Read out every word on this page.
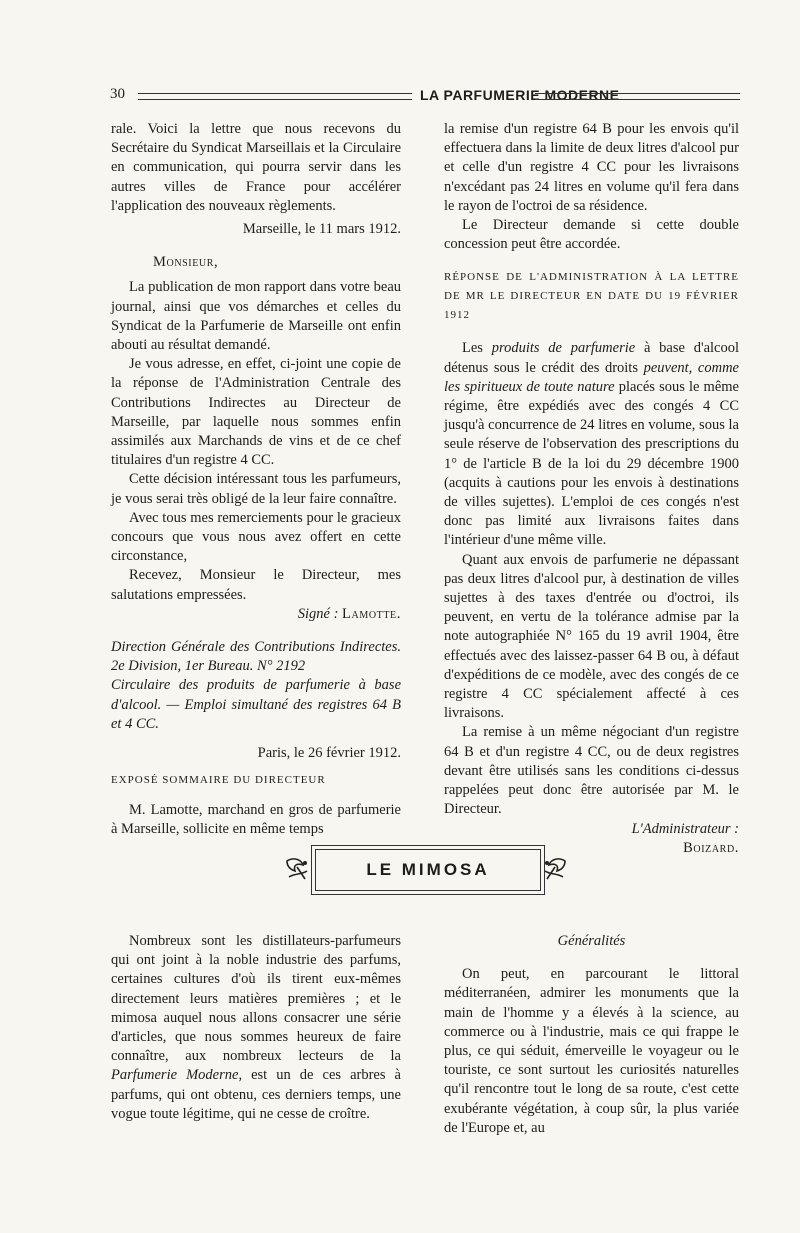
30	LA PARFUMERIE MODERNE

rale. Voici la lettre que nous recevons du Secrétaire du Syndicat Marseillais et la Circulaire en communication, qui pourra servir dans les autres villes de France pour accélérer l'application des nouveaux règlements.

Marseille, le 11 mars 1912.

Monsieur,

La publication de mon rapport dans votre beau journal, ainsi que vos démarches et celles du Syndicat de la Parfumerie de Marseille ont enfin abouti au résultat demandé.

Je vous adresse, en effet, ci-joint une copie de la réponse de l'Administration Centrale des Contributions Indirectes au Directeur de Marseille, par laquelle nous sommes enfin assimilés aux Marchands de vins et de ce chef titulaires d'un registre 4 CC.

Cette décision intéressant tous les parfumeurs, je vous serai très obligé de la leur faire connaître.

Avec tous mes remerciements pour le gracieux concours que vous nous avez offert en cette circonstance,

Recevez, Monsieur le Directeur, mes salutations empressées.

Signé : Lamotte.

Direction Générale des Contributions Indirectes. 2e Division, 1er Bureau. N° 2192

Circulaire des produits de parfumerie à base d'alcool. — Emploi simultané des registres 64 B et 4 CC.

Paris, le 26 février 1912.

EXPOSÉ SOMMAIRE DU DIRECTEUR

M. Lamotte, marchand en gros de parfumerie à Marseille, sollicite en même temps

la remise d'un registre 64 B pour les envois qu'il effectuera dans la limite de deux litres d'alcool pur et celle d'un registre 4 CC pour les livraisons n'excédant pas 24 litres en volume qu'il fera dans le rayon de l'octroi de sa résidence.

Le Directeur demande si cette double concession peut être accordée.

RÉPONSE DE L'ADMINISTRATION À LA LETTRE DE MR LE DIRECTEUR EN DATE DU 19 FÉVRIER 1912

Les produits de parfumerie à base d'alcool détenus sous le crédit des droits peuvent, comme les spiritueux de toute nature placés sous le même régime, être expédiés avec des congés 4 CC jusqu'à concurrence de 24 litres en volume, sous la seule réserve de l'observation des prescriptions du 1° de l'article B de la loi du 29 décembre 1900 (acquits à cautions pour les envois à destinations de villes sujettes). L'emploi de ces congés n'est donc pas limité aux livraisons faites dans l'intérieur d'une même ville.

Quant aux envois de parfumerie ne dépassant pas deux litres d'alcool pur, à destination de villes sujettes à des taxes d'entrée ou d'octroi, ils peuvent, en vertu de la tolérance admise par la note autographiée N° 165 du 19 avril 1904, être effectués avec des laissez-passer 64 B ou, à défaut d'expéditions de ce modèle, avec des congés de ce registre 4 CC spécialement affecté à ces livraisons.

La remise à un même négociant d'un registre 64 B et d'un registre 4 CC, ou de deux registres devant être utilisés sans les conditions ci-dessus rappelées peut donc être autorisée par M. le Directeur.

L'Administrateur :

Boizard.

LE MIMOSA

Nombreux sont les distillateurs-parfumeurs qui ont joint à la noble industrie des parfums, certaines cultures d'où ils tirent eux-mêmes directement leurs matières premières ; et le mimosa auquel nous allons consacrer une série d'articles, que nous sommes heureux de faire connaître, aux nombreux lecteurs de la Parfumerie Moderne, est un de ces arbres à parfums, qui ont obtenu, ces derniers temps, une vogue toute légitime, qui ne cesse de croître.

Généralités

On peut, en parcourant le littoral méditerranéen, admirer les monuments que la main de l'homme y a élevés à la science, au commerce ou à l'industrie, mais ce qui frappe le plus, ce qui séduit, émerveille le voyageur ou le touriste, ce sont surtout les curiosités naturelles qu'il rencontre tout le long de sa route, c'est cette exubérante végétation, à coup sûr, la plus variée de l'Europe et, au
